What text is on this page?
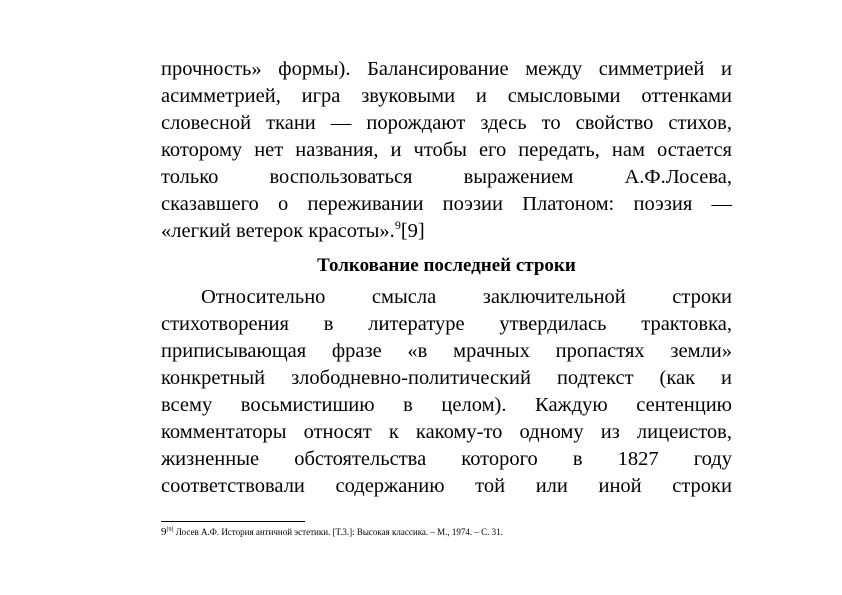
прочность» формы). Балансирование между симметрией и
асимметрией, игра звуковыми и смысловыми оттенками
словесной ткани — порождают здесь то свойство стихов,
которому нет названия, и чтобы его передать, нам остается
только воспользоваться выражением А.Ф.Лосева,
сказавшего о переживании поэзии Платоном: поэзия —
«легкий ветерок красоты».$^9$[9]
Толкование последней строки
Относительно смысла заключительной строки
стихотворения в литературе утвердилась трактовка,
приписывающая фразе «в мрачных пропастях земли»
конкретный злободневно-политический подтекст (как и
всему восьмистишию в целом). Каждую сентенцию
комментаторы относят к какому-то одному из лицеистов,
жизненные обстоятельства которого в 1827 году
соответствовали содержанию той или иной строки
9[9] Лосев А.Ф. История античной эстетики. [Т.3.]: Высокая классика. – М., 1974. – С. 31.
